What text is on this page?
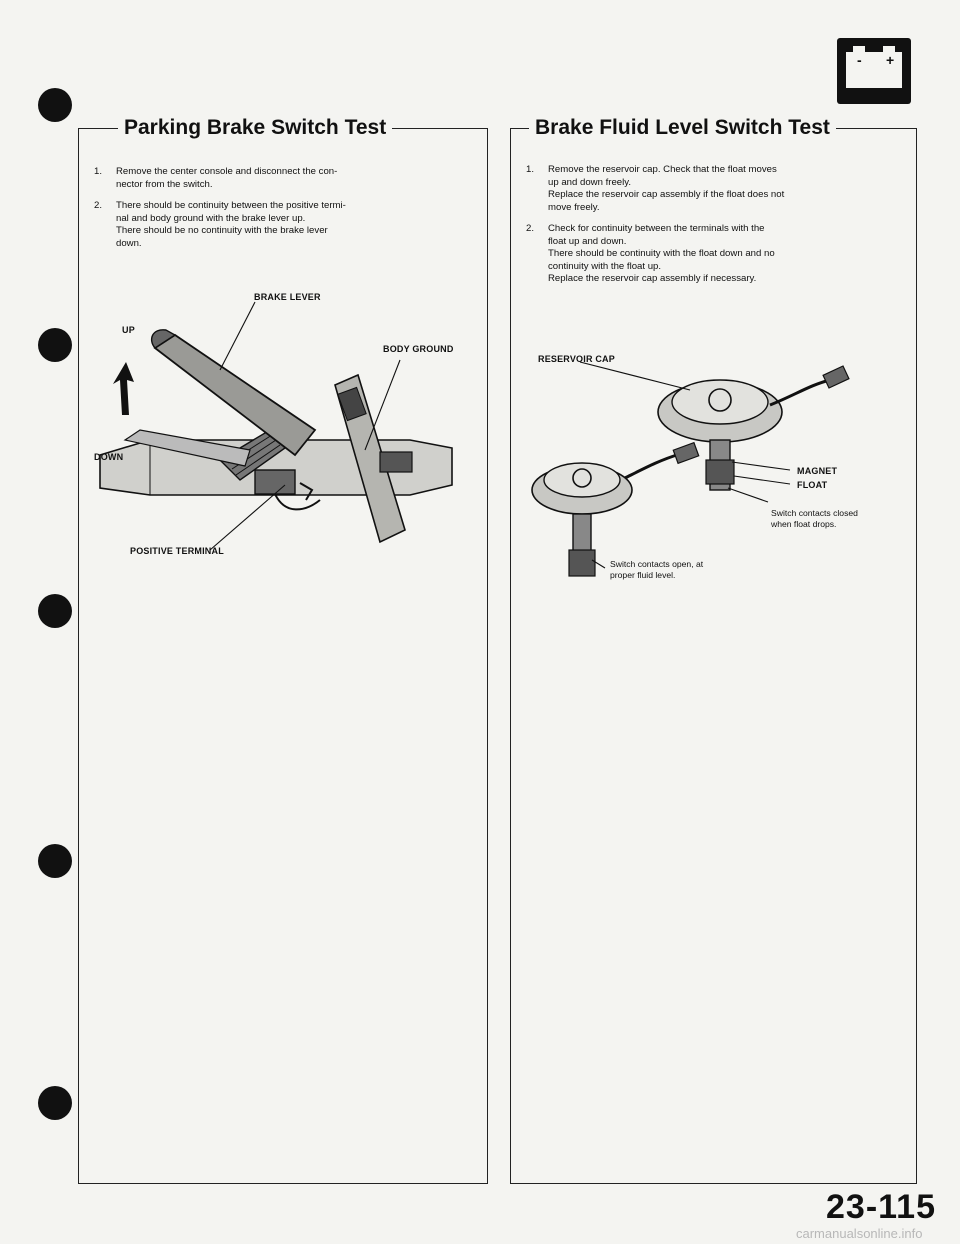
- +
Parking Brake Switch Test
1. Remove the center console and disconnect the con-
nector from the switch.
2. There should be continuity between the positive termi-
nal and body ground with the brake lever up.
There should be no continuity with the brake lever
down.
BRAKE LEVER
UP
BODY GROUND
DOWN
POSITIVE TERMINAL
Brake Fluid Level Switch Test
1. Remove the reservoir cap. Check that the float moves
up and down freely.
Replace the reservoir cap assembly if the float does not
move freely.
2. Check for continuity between the terminals with the
float up and down.
There should be continuity with the float down and no
continuity with the float up.
Replace the reservoir cap assembly if necessary.
RESERVOIR CAP
MAGNET
FLOAT
Switch contacts closed
when float drops.
Switch contacts open, at
proper fluid level.
23-115
carmanualsonline.info
